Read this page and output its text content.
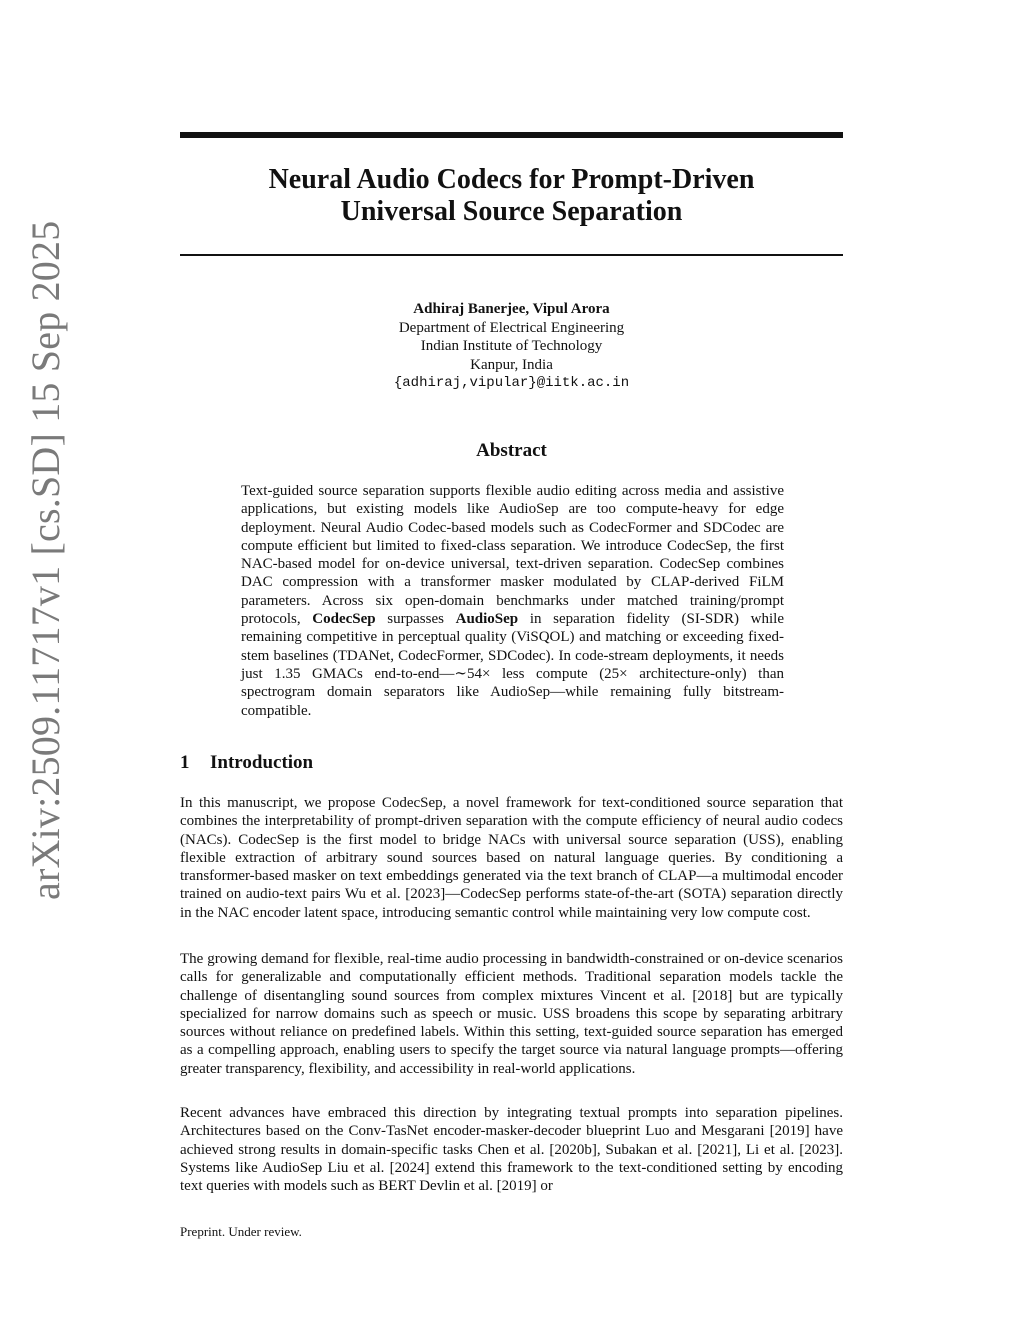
arXiv:2509.11717v1 [cs.SD] 15 Sep 2025
Neural Audio Codecs for Prompt-Driven
Universal Source Separation
Adhiraj Banerjee, Vipul Arora
Department of Electrical Engineering
Indian Institute of Technology
Kanpur, India
{adhiraj,vipular}@iitk.ac.in
Abstract
Text-guided source separation supports flexible audio editing across media and assistive applications, but existing models like AudioSep are too compute-heavy for edge deployment. Neural Audio Codec-based models such as CodecFormer and SDCodec are compute efficient but limited to fixed-class separation. We introduce CodecSep, the first NAC-based model for on-device universal, text-driven separation. CodecSep combines DAC compression with a transformer masker modulated by CLAP-derived FiLM parameters. Across six open-domain benchmarks under matched training/prompt protocols, CodecSep surpasses AudioSep in separation fidelity (SI-SDR) while remaining competitive in perceptual quality (ViSQOL) and matching or exceeding fixed-stem baselines (TDANet, CodecFormer, SDCodec). In code-stream deployments, it needs just 1.35 GMACs end-to-end—∼54× less compute (25× architecture-only) than spectrogram domain separators like AudioSep—while remaining fully bitstream-compatible.
1 Introduction

In this manuscript, we propose CodecSep, a novel framework for text-conditioned source separation that combines the interpretability of prompt-driven separation with the compute efficiency of neural audio codecs (NACs). CodecSep is the first model to bridge NACs with universal source separation (USS), enabling flexible extraction of arbitrary sound sources based on natural language queries. By conditioning a transformer-based masker on text embeddings generated via the text branch of CLAP—a multimodal encoder trained on audio-text pairs Wu et al. [2023]—CodecSep performs state-of-the-art (SOTA) separation directly in the NAC encoder latent space, introducing semantic control while maintaining very low compute cost.

The growing demand for flexible, real-time audio processing in bandwidth-constrained or on-device scenarios calls for generalizable and computationally efficient methods. Traditional separation models tackle the challenge of disentangling sound sources from complex mixtures Vincent et al. [2018] but are typically specialized for narrow domains such as speech or music. USS broadens this scope by separating arbitrary sources without reliance on predefined labels. Within this setting, text-guided source separation has emerged as a compelling approach, enabling users to specify the target source via natural language prompts—offering greater transparency, flexibility, and accessibility in real-world applications.

Recent advances have embraced this direction by integrating textual prompts into separation pipelines. Architectures based on the Conv-TasNet encoder-masker-decoder blueprint Luo and Mesgarani [2019] have achieved strong results in domain-specific tasks Chen et al. [2020b], Subakan et al. [2021], Li et al. [2023]. Systems like AudioSep Liu et al. [2024] extend this framework to the text-conditioned setting by encoding text queries with models such as BERT Devlin et al. [2019] or

Preprint. Under review.
